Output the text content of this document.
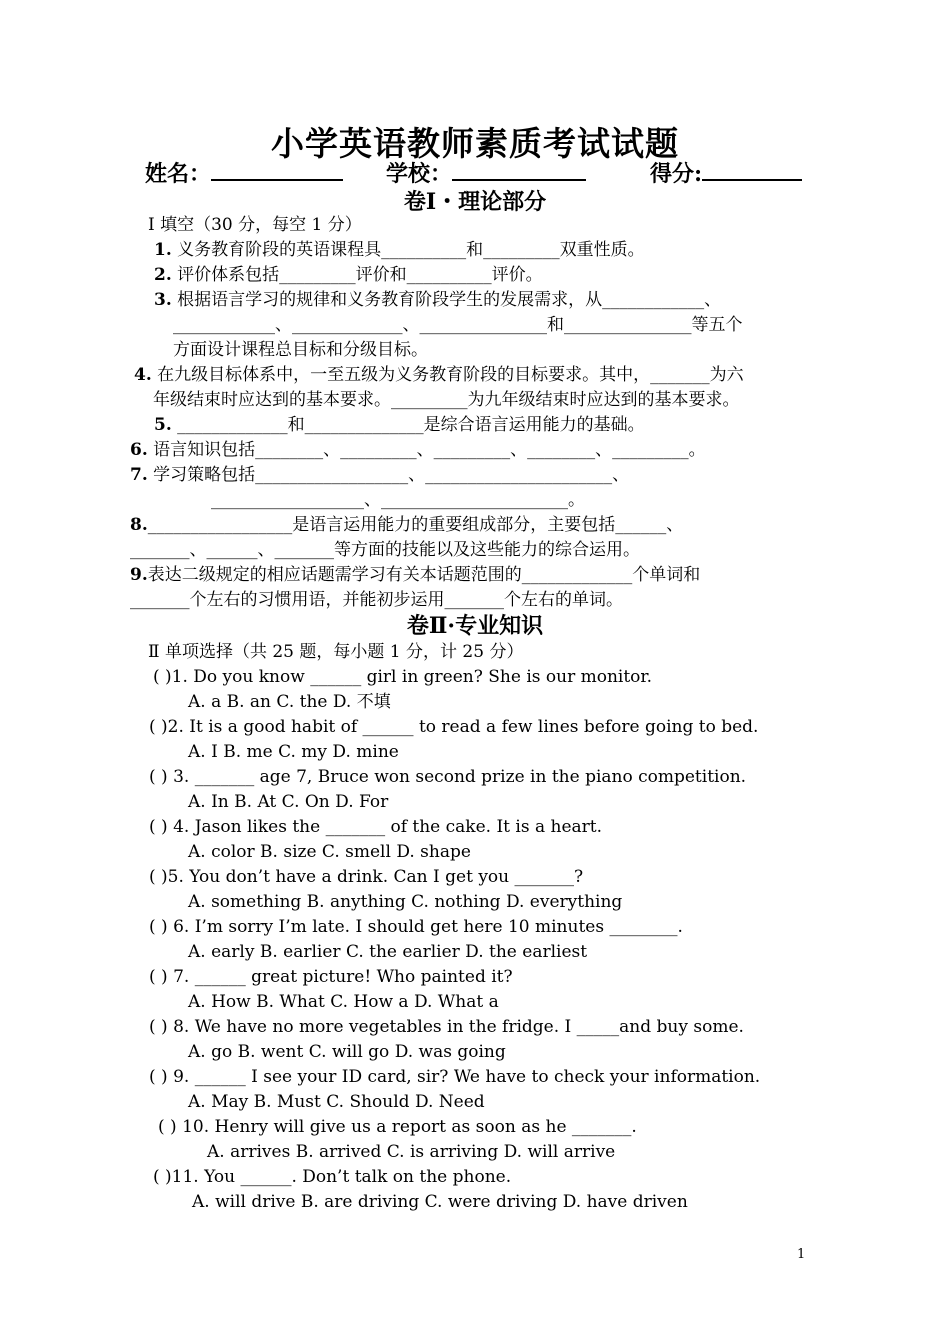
小学英语教师素质考试试题
姓名：	学校：	得分:
卷Ⅰ・理论部分
Ⅰ 填空（30 分，每空 1 分）
1. 义务教育阶段的英语课程具__________和_________双重性质。
2. 评价体系包括_________评价和__________评价。
3. 根据语言学习的规律和义务教育阶段学生的发展需求，从____________、
____________、_____________、_______________和_______________等五个
方面设计课程总目标和分级目标。
4. 在九级目标体系中，一至五级为义务教育阶段的目标要求。其中，_______为六
年级结束时应达到的基本要求。_________为九年级结束时应达到的基本要求。
5. _____________和______________是综合语言运用能力的基础。
6. 语言知识包括________、_________、_________、________、_________。
7. 学习策略包括__________________、______________________、
__________________、______________________。
8._________________是语言运用能力的重要组成部分，主要包括______、
_______、______、_______等方面的技能以及这些能力的综合运用。
9.表达二级规定的相应话题需学习有关本话题范围的_____________个单词和
_______个左右的习惯用语，并能初步运用_______个左右的单词。
卷Ⅱ·专业知识
Ⅱ 单项选择（共 25 题，每小题 1 分，计 25 分）
( )1. Do you know ______ girl in green? She is our monitor.
A. a B. an C. the D. 不填
( )2. It is a good habit of ______ to read a few lines before going to bed.
A. I B. me C. my D. mine
( ) 3. _______ age 7, Bruce won second prize in the piano competition.
A. In B. At C. On D. For
( ) 4. Jason likes the _______ of the cake. It is a heart.
A. color B. size C. smell D. shape
( )5. You don’t have a drink. Can I get you _______?
A. something B. anything C. nothing D. everything
( ) 6. I’m sorry I’m late. I should get here 10 minutes ________.
A. early B. earlier C. the earlier D. the earliest
( ) 7. ______ great picture! Who painted it?
A. How B. What C. How a D. What a
( ) 8. We have no more vegetables in the fridge. I _____and buy some.
A. go B. went C. will go D. was going
( ) 9. ______ I see your ID card, sir? We have to check your information.
A. May B. Must C. Should D. Need
( ) 10. Henry will give us a report as soon as he _______.
A. arrives B. arrived C. is arriving D. will arrive
( )11. You ______. Don’t talk on the phone.
A. will drive B. are driving C. were driving D. have driven
1
